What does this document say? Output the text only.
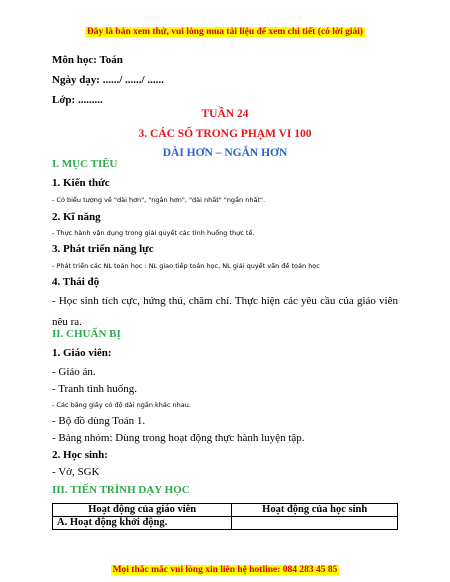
Đây là bản xem thử, vui lòng mua tài liệu để xem chi tiết (có lời giải)
Môn học: Toán
Ngày dạy: ....../ ....../ ......
Lớp: .........
TUẦN 24
3. CÁC SỐ TRONG PHẠM VI 100
DÀI HƠN – NGẮN HƠN
I. MỤC TIÊU
1. Kiến thức
- Có biểu tượng về "dài hơn", "ngắn hơn", "dài nhất" "ngắn nhất".
2. Kĩ năng
- Thực hành vận dụng trong giải quyết các tình huống thực tế.
3. Phát triển năng lực
- Phát triển các NL toán học : NL giao tiếp toán học, NL giải quyết vấn đề toán học
4. Thái độ
- Học sinh tích cực, hứng thú, chăm chỉ. Thực hiện các yêu cầu của giáo viên nêu ra.
II. CHUẨN BỊ
1. Giáo viên:
- Giáo án.
- Tranh tình huống.
- Các băng giấy có độ dài ngắn khác nhau.
- Bộ đồ dùng Toán 1.
- Bảng nhóm: Dùng trong hoạt động thực hành luyện tập.
2. Học sinh:
- Vở, SGK
III. TIẾN TRÌNH DẠY HỌC
Hoạt động của giáo viên	Hoạt động của học sinh
A. Hoạt động khởi động.	
Mọi thắc mắc vui lòng xin liên hệ hotline: 084 283 45 85
